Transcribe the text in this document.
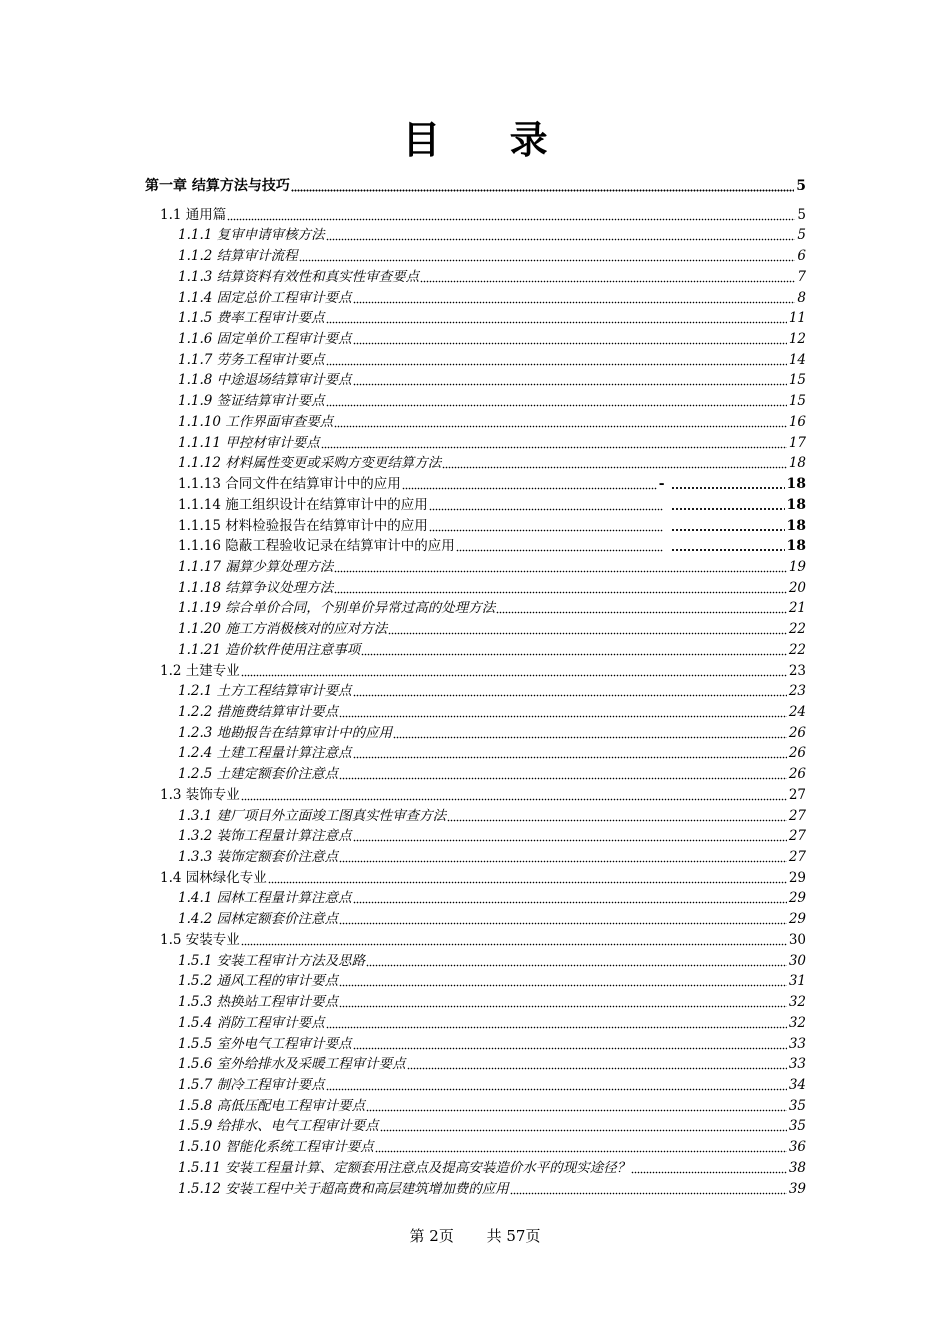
目 录
第一章 结算方法与技巧	5
1.1 通用篇	5
1.1.1 复审申请审核方法	5
1.1.2 结算审计流程	6
1.1.3 结算资料有效性和真实性审查要点	7
1.1.4 固定总价工程审计要点	8
1.1.5 费率工程审计要点	11
1.1.6 固定单价工程审计要点	12
1.1.7 劳务工程审计要点	14
1.1.8 中途退场结算审计要点	15
1.1.9 签证结算审计要点	15
1.1.10 工作界面审查要点	16
1.1.11 甲控材审计要点	17
1.1.12 材料属性变更或采购方变更结算方法	18
1.1.13 合同文件在结算审计中的应用	-	18
1.1.14 施工组织设计在结算审计中的应用	18
1.1.15 材料检验报告在结算审计中的应用	18
1.1.16 隐蔽工程验收记录在结算审计中的应用	18
1.1.17 漏算少算处理方法	19
1.1.18 结算争议处理方法	20
1.1.19 综合单价合同，个别单价异常过高的处理方法	21
1.1.20 施工方消极核对的应对方法	22
1.1.21 造价软件使用注意事项	22
1.2 土建专业	23
1.2.1 土方工程结算审计要点	23
1.2.2 措施费结算审计要点	24
1.2.3 地勘报告在结算审计中的应用	26
1.2.4 土建工程量计算注意点	26
1.2.5 土建定额套价注意点	26
1.3 装饰专业	27
1.3.1 建厂项目外立面竣工图真实性审查方法	27
1.3.2 装饰工程量计算注意点	27
1.3.3 装饰定额套价注意点	27
1.4 园林绿化专业	29
1.4.1 园林工程量计算注意点	29
1.4.2 园林定额套价注意点	29
1.5 安装专业	30
1.5.1 安装工程审计方法及思路	30
1.5.2 通风工程的审计要点	31
1.5.3 热换站工程审计要点	32
1.5.4 消防工程审计要点	32
1.5.5 室外电气工程审计要点	33
1.5.6 室外给排水及采暖工程审计要点	33
1.5.7 制冷工程审计要点	34
1.5.8 高低压配电工程审计要点	35
1.5.9 给排水、电气工程审计要点	35
1.5.10 智能化系统工程审计要点	36
1.5.11 安装工程量计算、定额套用注意点及提高安装造价水平的现实途径？	38
1.5.12 安装工程中关于超高费和高层建筑增加费的应用	39
第 2页 共 57页
